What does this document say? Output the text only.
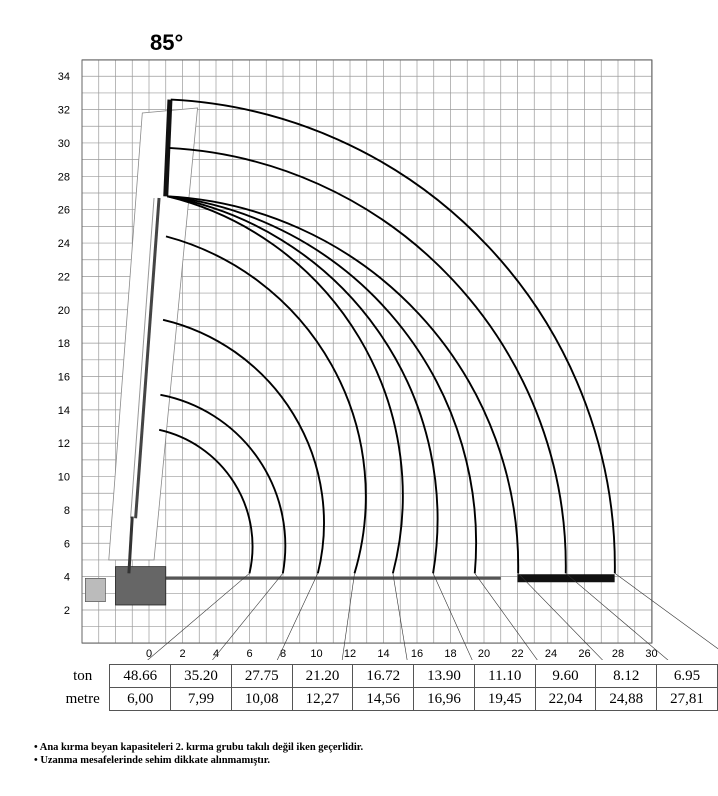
85°
2
4
6
8
10
12
14
16
18
20
22
24
26
28
30
32
34
0 2 4 6 8 10 12 14 16 18 20 22 24 26 28 30
ton	48.66	35.20	27.75	21.20	16.72	13.90	11.10	9.60	8.12	6.95
metre	6,00	7,99	10,08	12,27	14,56	16,96	19,45	22,04	24,88	27,81
• Ana kırma beyan kapasiteleri 2. kırma grubu takılı değil iken geçerlidir.
• Uzanma mesafelerinde sehim dikkate alınmamıştır.
